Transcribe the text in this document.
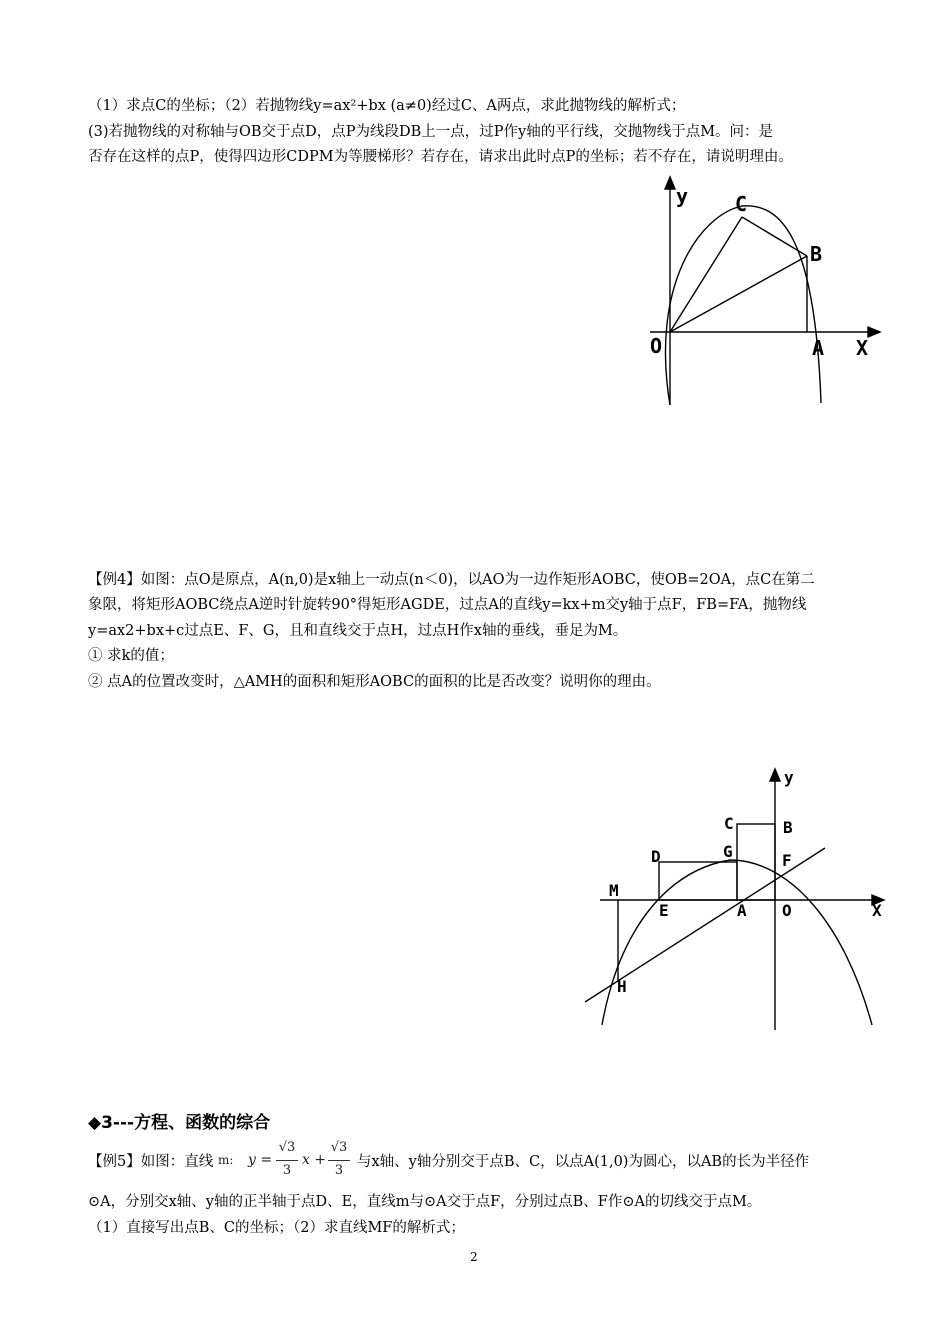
（1）求点C的坐标；（2）若抛物线y=ax²+bx (a≠0)经过C、A两点，求此抛物线的解析式；
(3)若抛物线的对称轴与OB交于点D，点P为线段DB上一点，过P作y轴的平行线，交抛物线于点M。问：是
否存在这样的点P，使得四边形CDPM为等腰梯形？若存在，请求出此时点P的坐标；若不存在，请说明理由。
y C
B
O	A X
【例4】如图：点O是原点，A(n,0)是x轴上一动点(n＜0)，以AO为一边作矩形AOBC，使OB=2OA，点C在第二
象限，将矩形AOBC绕点A逆时针旋转90°得矩形AGDE，过点A的直线y=kx+m交y轴于点F，FB=FA，抛物线
y=ax2+bx+c过点E、F、G，且和直线交于点H，过点H作x轴的垂线，垂足为M。
① 求k的值；
② 点A的位置改变时，△AMH的面积和矩形AOBC的面积的比是否改变？说明你的理由。
y
C	B
D	G	F
M
E	A O	X
H
◆3---方程、函数的综合
【例5】如图：直线 m: y =
√3
3
x +
√3
3
与x轴、y轴分别交于点B、C，以点A(1,0)为圆心，以AB的长为半径作
⊙A，分别交x轴、y轴的正半轴于点D、E，直线m与⊙A交于点F，分别过点B、F作⊙A的切线交于点M。
（1）直接写出点B、C的坐标；（2）求直线MF的解析式；
2
